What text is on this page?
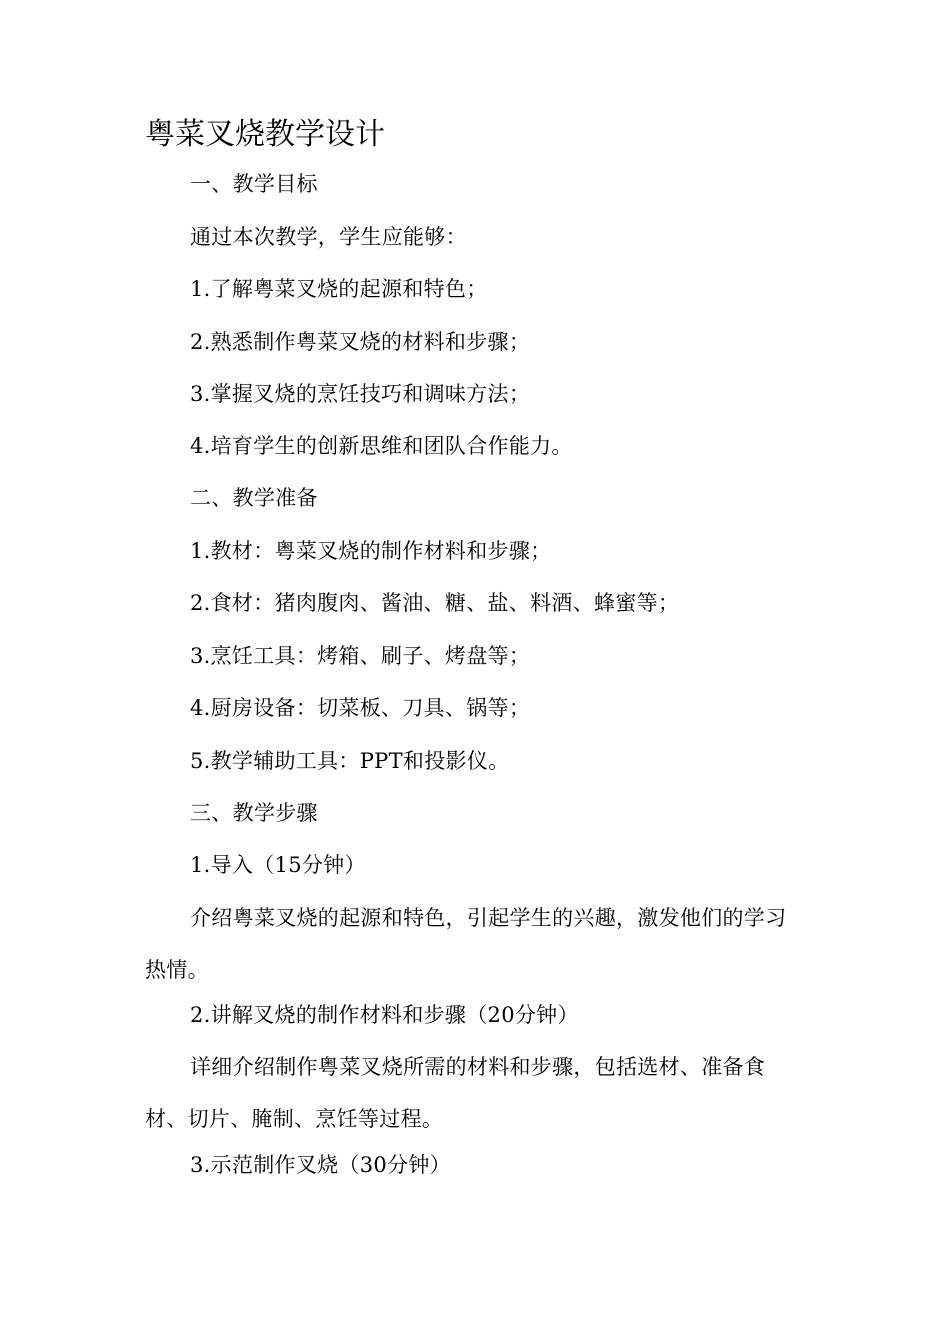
粤菜叉烧教学设计

一、教学目标

通过本次教学，学生应能够：

1.了解粤菜叉烧的起源和特色；

2.熟悉制作粤菜叉烧的材料和步骤；

3.掌握叉烧的烹饪技巧和调味方法；

4.培育学生的创新思维和团队合作能力。

二、教学准备

1.教材：粤菜叉烧的制作材料和步骤；

2.食材：猪肉腹肉、酱油、糖、盐、料酒、蜂蜜等；

3.烹饪工具：烤箱、刷子、烤盘等；

4.厨房设备：切菜板、刀具、锅等；

5.教学辅助工具：PPT和投影仪。

三、教学步骤

1.导入（15分钟）

介绍粤菜叉烧的起源和特色，引起学生的兴趣，激发他们的学习热情。

2.讲解叉烧的制作材料和步骤（20分钟）

详细介绍制作粤菜叉烧所需的材料和步骤，包括选材、准备食材、切片、腌制、烹饪等过程。

3.示范制作叉烧（30分钟）
